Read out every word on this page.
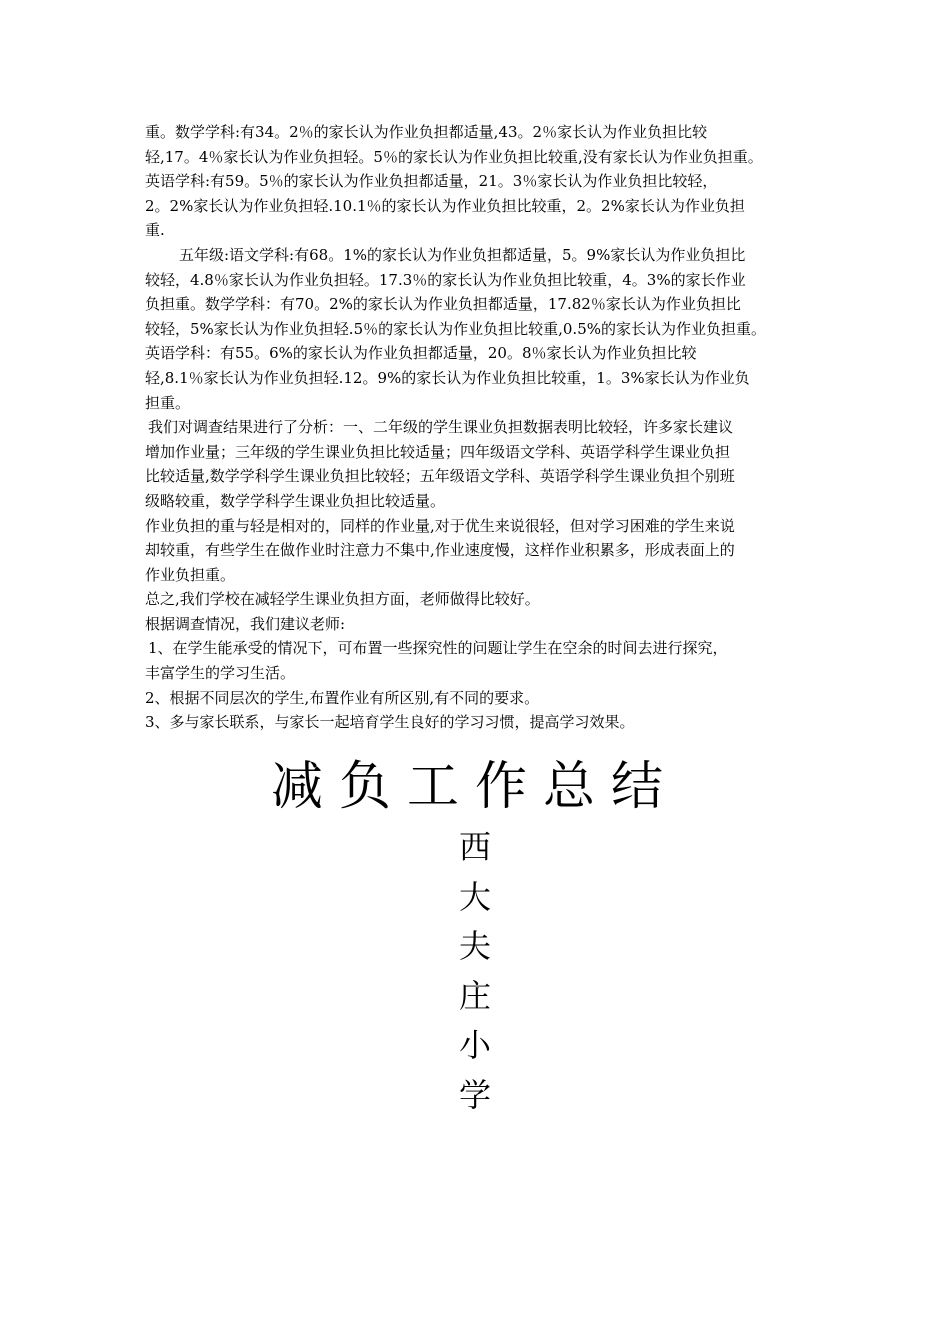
重。数学学科:有34。2％的家长认为作业负担都适量,43。2％家长认为作业负担比较
轻,17。4％家长认为作业负担轻。5％的家长认为作业负担比较重,没有家长认为作业负担重。
英语学科:有59。5％的家长认为作业负担都适量，21。3％家长认为作业负担比较轻，
2。2%家长认为作业负担轻.10.1％的家长认为作业负担比较重，2。2%家长认为作业负担
重.
五年级:语文学科:有68。1%的家长认为作业负担都适量，5。9%家长认为作业负担比
较轻，4.8％家长认为作业负担轻。17.3％的家长认为作业负担比较重，4。3%的家长作业
负担重。数学学科：有70。2%的家长认为作业负担都适量，17.82％家长认为作业负担比
较轻，5%家长认为作业负担轻.5％的家长认为作业负担比较重,0.5%的家长认为作业负担重。
英语学科：有55。6%的家长认为作业负担都适量，20。8％家长认为作业负担比较
轻,8.1％家长认为作业负担轻.12。9%的家长认为作业负担比较重，1。3%家长认为作业负
担重。
我们对调查结果进行了分析：一、二年级的学生课业负担数据表明比较轻，许多家长建议
增加作业量；三年级的学生课业负担比较适量；四年级语文学科、英语学科学生课业负担
比较适量,数学学科学生课业负担比较轻；五年级语文学科、英语学科学生课业负担个别班
级略较重，数学学科学生课业负担比较适量。
作业负担的重与轻是相对的，同样的作业量,对于优生来说很轻，但对学习困难的学生来说
却较重，有些学生在做作业时注意力不集中,作业速度慢，这样作业积累多，形成表面上的
作业负担重。
总之,我们学校在减轻学生课业负担方面，老师做得比较好。
根据调查情况，我们建议老师:
1、在学生能承受的情况下，可布置一些探究性的问题让学生在空余的时间去进行探究，
丰富学生的学习生活。
2、根据不同层次的学生,布置作业有所区别,有不同的要求。
3、多与家长联系，与家长一起培育学生良好的学习习惯，提高学习效果。
减负工作总结
西
大
夫
庄
小
学
